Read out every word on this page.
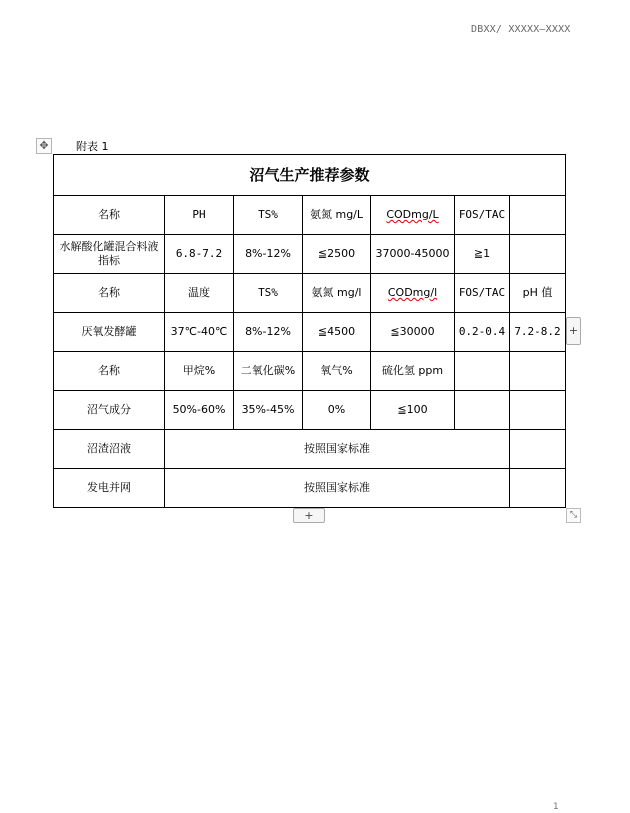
DBXX/ XXXXX—XXXX
✥	附表 1
沼气生产推荐参数						
名称	PH	TS%	氨氮 mg/L	CODmg/L	FOS/TAC	
水解酸化罐混合料液指标	6.8-7.2	8%-12%	≦2500	37000-45000	≧1	
名称	温度	TS%	氨氮 mg/l	CODmg/l	FOS/TAC	pH 值
厌氧发酵罐	37℃-40℃	8%-12%	≦4500	≦30000	0.2-0.4	7.2-8.2
名称	甲烷%	二氧化碳%	氧气%	硫化氢 ppm		
沼气成分	50%-60%	35%-45%	0%	≦100		
沼渣沼液	按照国家标准					
发电并网	按照国家标准					
+
+	⤡
1
